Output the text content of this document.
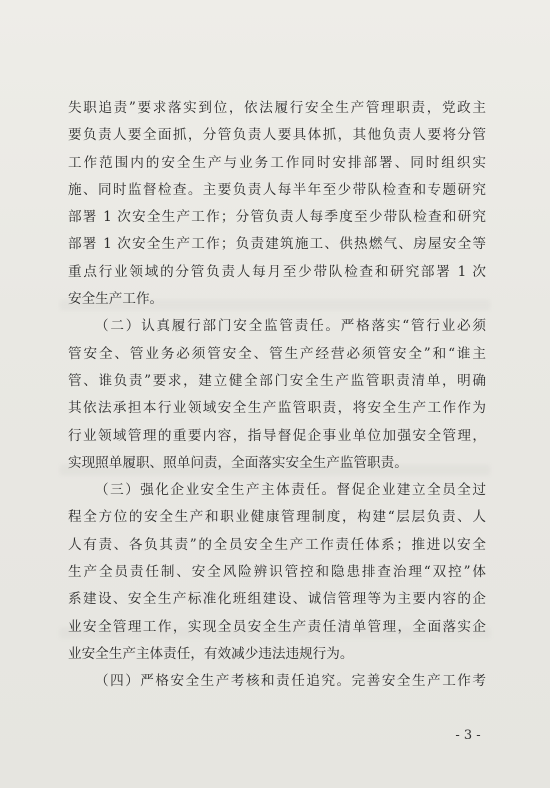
失职追责”要求落实到位，依法履行安全生产管理职责，党政主
要负责人要全面抓，分管负责人要具体抓，其他负责人要将分管
工作范围内的安全生产与业务工作同时安排部署、同时组织实
施、同时监督检查。主要负责人每半年至少带队检查和专题研究
部署 1 次安全生产工作；分管负责人每季度至少带队检查和研究
部署 1 次安全生产工作；负责建筑施工、供热燃气、房屋安全等
重点行业领域的分管负责人每月至少带队检查和研究部署 1 次
安全生产工作。
（二）认真履行部门安全监管责任。严格落实“管行业必须
管安全、管业务必须管安全、管生产经营必须管安全”和“谁主
管、谁负责”要求，建立健全部门安全生产监管职责清单，明确
其依法承担本行业领域安全生产监管职责，将安全生产工作作为
行业领域管理的重要内容，指导督促企事业单位加强安全管理，
实现照单履职、照单问责，全面落实安全生产监管职责。
（三）强化企业安全生产主体责任。督促企业建立全员全过
程全方位的安全生产和职业健康管理制度，构建“层层负责、人
人有责、各负其责”的全员安全生产工作责任体系；推进以安全
生产全员责任制、安全风险辨识管控和隐患排查治理“双控”体
系建设、安全生产标准化班组建设、诚信管理等为主要内容的企
业安全管理工作，实现全员安全生产责任清单管理，全面落实企
业安全生产主体责任，有效减少违法违规行为。
（四）严格安全生产考核和责任追究。完善安全生产工作考
- 3 -
